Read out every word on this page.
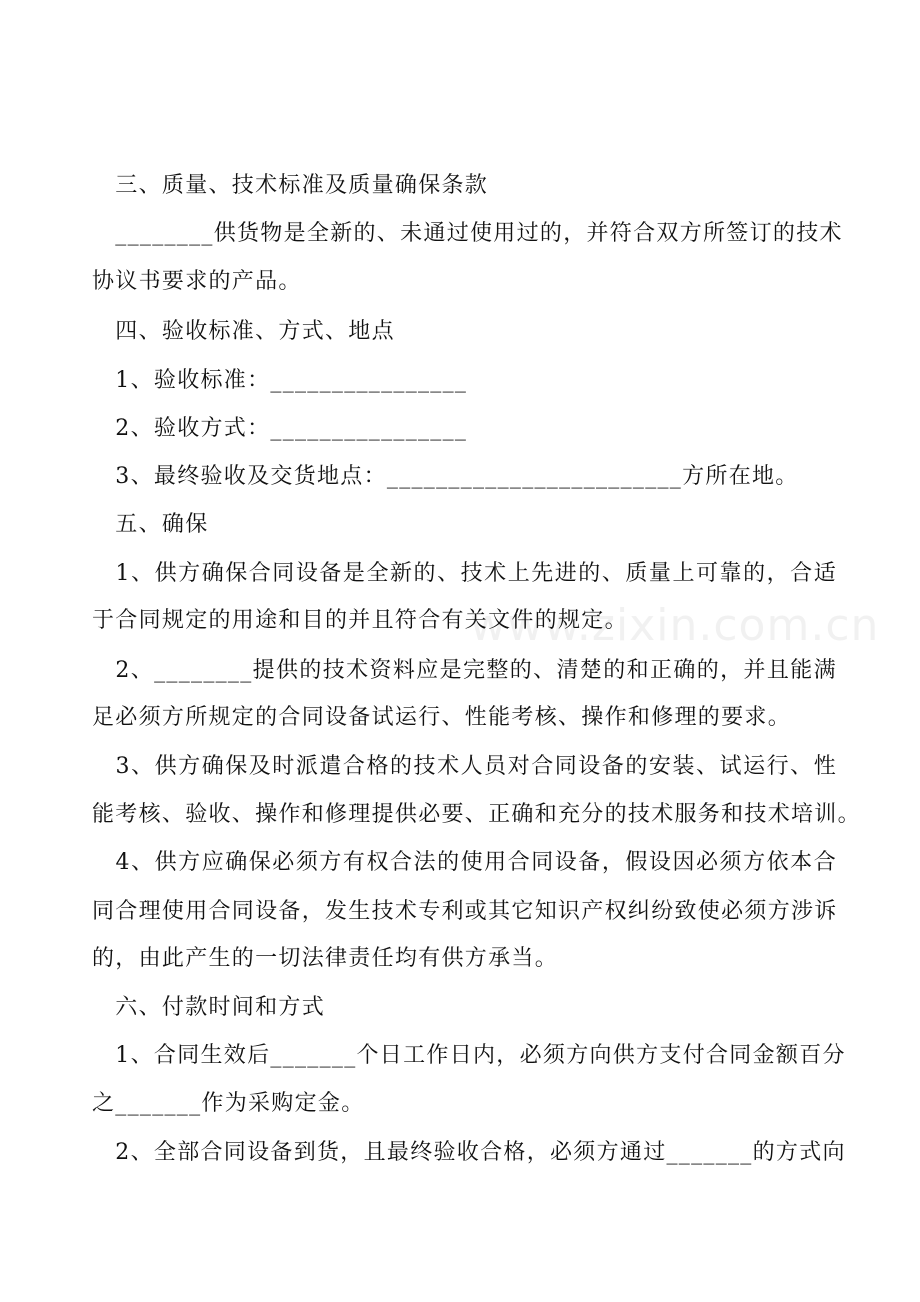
www.zixin.com.cn
　三、质量、技术标准及质量确保条款
　________供货物是全新的、未通过使用过的，并符合双方所签订的技术
协议书要求的产品。
　四、验收标准、方式、地点
　1、验收标准：________________
　2、验收方式：________________
　3、最终验收及交货地点：________________________方所在地。
　五、确保
　1、供方确保合同设备是全新的、技术上先进的、质量上可靠的，合适
于合同规定的用途和目的并且符合有关文件的规定。
　2、________提供的技术资料应是完整的、清楚的和正确的，并且能满
足必须方所规定的合同设备试运行、性能考核、操作和修理的要求。
　3、供方确保及时派遣合格的技术人员对合同设备的安装、试运行、性
能考核、验收、操作和修理提供必要、正确和充分的技术服务和技术培训。
　4、供方应确保必须方有权合法的使用合同设备，假设因必须方依本合
同合理使用合同设备，发生技术专利或其它知识产权纠纷致使必须方涉诉
的，由此产生的一切法律责任均有供方承当。
　六、付款时间和方式
　1、合同生效后_______个日工作日内，必须方向供方支付合同金额百分
之_______作为采购定金。
　2、全部合同设备到货，且最终验收合格，必须方通过_______的方式向
